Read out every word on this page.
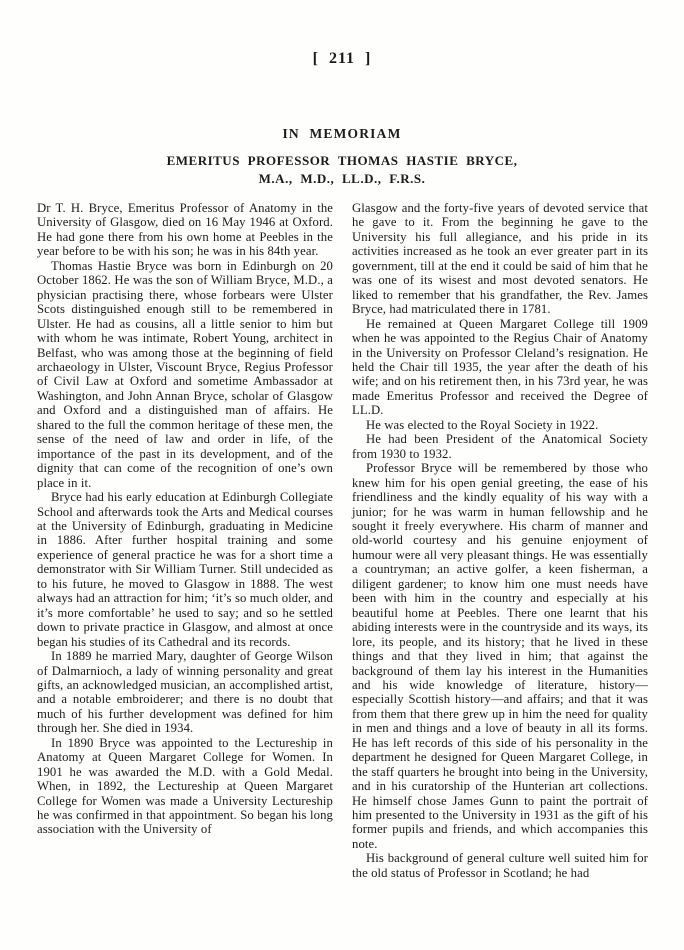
[ 211 ]
IN MEMORIAM
EMERITUS PROFESSOR THOMAS HASTIE BRYCE,
M.A., M.D., LL.D., F.R.S.

Dr T. H. Bryce, Emeritus Professor of Anatomy in the University of Glasgow, died on 16 May 1946 at Oxford. He had gone there from his own home at Peebles in the year before to be with his son; he was in his 84th year.

Thomas Hastie Bryce was born in Edinburgh on 20 October 1862. He was the son of William Bryce, M.D., a physician practising there, whose forbears were Ulster Scots distinguished enough still to be remembered in Ulster. He had as cousins, all a little senior to him but with whom he was intimate, Robert Young, architect in Belfast, who was among those at the beginning of field archaeology in Ulster, Viscount Bryce, Regius Professor of Civil Law at Oxford and sometime Ambassador at Washington, and John Annan Bryce, scholar of Glasgow and Oxford and a distinguished man of affairs. He shared to the full the common heritage of these men, the sense of the need of law and order in life, of the importance of the past in its development, and of the dignity that can come of the recognition of one’s own place in it.

Bryce had his early education at Edinburgh Collegiate School and afterwards took the Arts and Medical courses at the University of Edinburgh, graduating in Medicine in 1886. After further hospital training and some experience of general practice he was for a short time a demonstrator with Sir William Turner. Still undecided as to his future, he moved to Glasgow in 1888. The west always had an attraction for him; ‘it’s so much older, and it’s more comfortable’ he used to say; and so he settled down to private practice in Glasgow, and almost at once began his studies of its Cathedral and its records.

In 1889 he married Mary, daughter of George Wilson of Dalmarnioch, a lady of winning personality and great gifts, an acknowledged musician, an accomplished artist, and a notable embroiderer; and there is no doubt that much of his further development was defined for him through her. She died in 1934.

In 1890 Bryce was appointed to the Lectureship in Anatomy at Queen Margaret College for Women. In 1901 he was awarded the M.D. with a Gold Medal. When, in 1892, the Lectureship at Queen Margaret College for Women was made a University Lectureship he was confirmed in that appointment. So began his long association with the University of

Glasgow and the forty-five years of devoted service that he gave to it. From the beginning he gave to the University his full allegiance, and his pride in its activities increased as he took an ever greater part in its government, till at the end it could be said of him that he was one of its wisest and most devoted senators. He liked to remember that his grandfather, the Rev. James Bryce, had matriculated there in 1781.

He remained at Queen Margaret College till 1909 when he was appointed to the Regius Chair of Anatomy in the University on Professor Cleland’s resignation. He held the Chair till 1935, the year after the death of his wife; and on his retirement then, in his 73rd year, he was made Emeritus Professor and received the Degree of LL.D.

He was elected to the Royal Society in 1922.

He had been President of the Anatomical Society from 1930 to 1932.

Professor Bryce will be remembered by those who knew him for his open genial greeting, the ease of his friendliness and the kindly equality of his way with a junior; for he was warm in human fellowship and he sought it freely everywhere. His charm of manner and old-world courtesy and his genuine enjoyment of humour were all very pleasant things. He was essentially a countryman; an active golfer, a keen fisherman, a diligent gardener; to know him one must needs have been with him in the country and especially at his beautiful home at Peebles. There one learnt that his abiding interests were in the countryside and its ways, its lore, its people, and its history; that he lived in these things and that they lived in him; that against the background of them lay his interest in the Humanities and his wide knowledge of literature, history—especially Scottish history—and affairs; and that it was from them that there grew up in him the need for quality in men and things and a love of beauty in all its forms. He has left records of this side of his personality in the department he designed for Queen Margaret College, in the staff quarters he brought into being in the University, and in his curatorship of the Hunterian art collections. He himself chose James Gunn to paint the portrait of him presented to the University in 1931 as the gift of his former pupils and friends, and which accompanies this note.

His background of general culture well suited him for the old status of Professor in Scotland; he had
